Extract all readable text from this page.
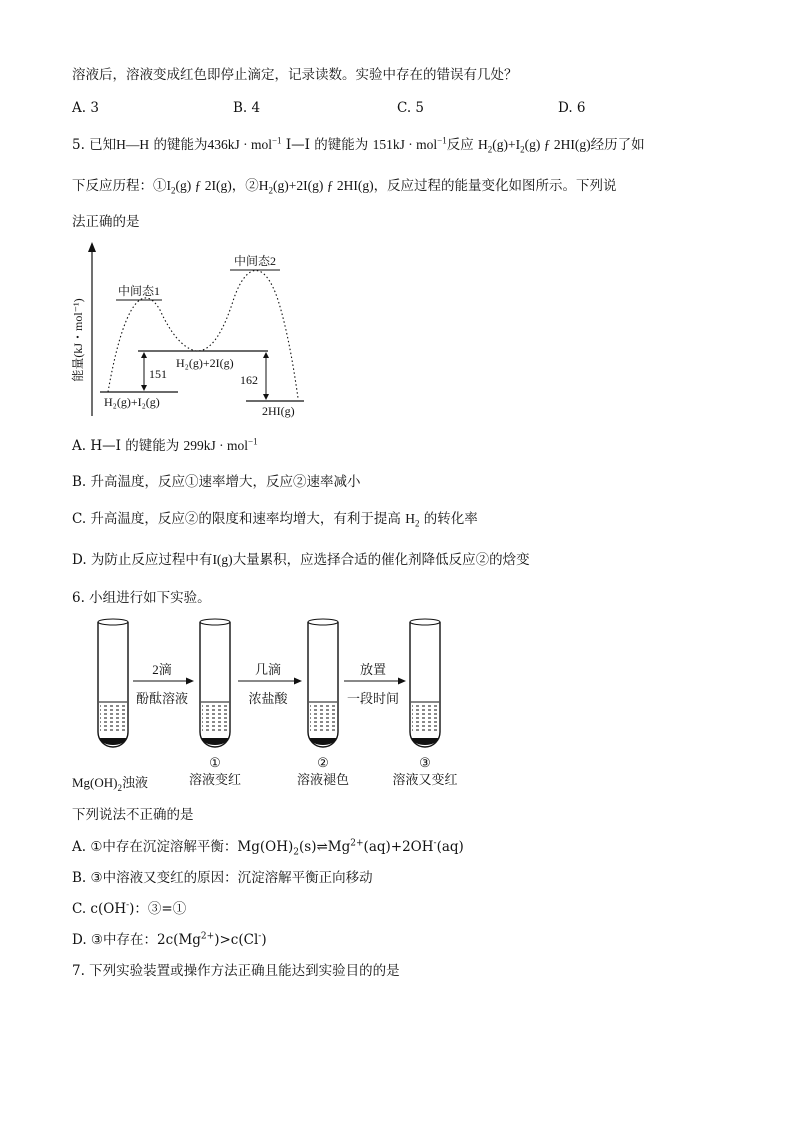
溶液后，溶液变成红色即停止滴定，记录读数。实验中存在的错误有几处？
A. 3	B. 4	C. 5	D. 6
5. 已知H—H 的键能为436kJ · mol$^{-1}$ I—I 的键能为 151kJ · mol$^{-1}$反应 $H_2(g)+I_2(g)$ ƒ 2HI(g)经历了如
下反应历程：$①I_2(g)$ ƒ 2I(g)，$②H_2(g)+2I(g)$ ƒ 2HI(g)，反应过程的能量变化如图所示。下列说
法正确的是
能量(kJ・mol⁻¹)
中间态1
中间态2
151	162
H₂(g)+2I(g)
H₂(g)+I₂(g)
2HI(g)
A. H—I 的键能为 299kJ · mol$^{-1}$
B. 升高温度，反应①速率增大，反应②速率减小
C. 升高温度，反应②的限度和速率均增大，有利于提高 $H_2$ 的转化率
D. 为防止反应过程中有I(g)大量累积，应选择合适的催化剂降低反应②的焓变
6. 小组进行如下实验。
2滴
酚酞溶液
几滴
浓盐酸
放置
一段时间
$Mg(OH)_2$浊液
①
溶液变红
②
溶液褪色
③
溶液又变红
下列说法不正确的是
A. ①中存在沉淀溶解平衡：$Mg(OH)_2(s)\rightleftharpoons Mg^{2+}(aq)+2OH^-(aq)$
B. ③中溶液又变红的原因：沉淀溶解平衡正向移动
C. c(OH-)：③=①
D. ③中存在：$2c(Mg^{2+})>c(Cl^-)$
7. 下列实验装置或操作方法正确且能达到实验目的的是
